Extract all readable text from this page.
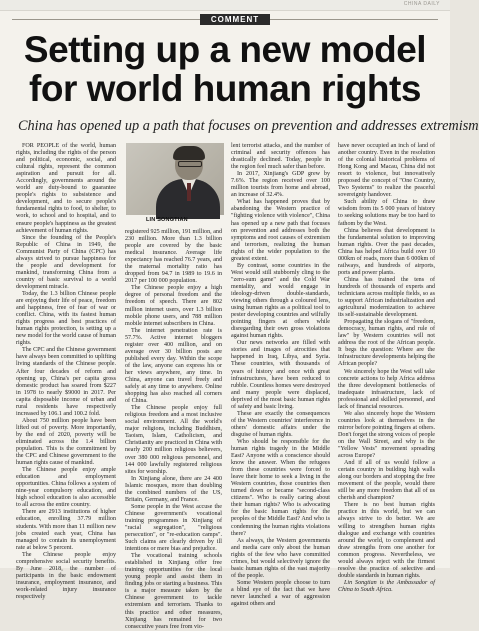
CHINA DAILY
COMMENT
Setting up a new model
for world human rights
China has opened up a path that focuses on prevention and addresses extremism

FOR PEOPLE of the world, human rights, including the rights of the person and political, economic, social, and cultural rights, represent the common aspiration and pursuit for all. Accordingly, governments around the world are duty-bound to guarantee people's rights to subsistence and development, and to secure people's fundamental rights to food, to shelter, to work, to school and to hospital, and to ensure people's happiness as the greatest achievement of human rights.

Since the founding of the People's Republic of China in 1949, the Communist Party of China (CPC) has always strived to pursue happiness for the people and development for mankind, transforming China from a country of basic survival to a world development miracle.

Today, the 1.3 billion Chinese people are enjoying their life of peace, freedom and happiness, free of fear of war or conflict. China, with its fastest human rights progress and best practices of human rights protection, is setting up a new model for the world cause of human rights.

The CPC and the Chinese government have always been committed to uplifting living standards of the Chinese people. After four decades of reform and opening up, China's per capita gross domestic product has soared from $227 in 1978 to nearly $9000 in 2017. Per capita disposable income of urban and rural residents have respectively increased by 106.1 and 100.2 fold.

About 750 million people have been lifted out of poverty. More importantly, by the end of 2020, poverty will be eliminated across the 1.4 billion population. This is the commitment by the CPC and Chinese government to the human rights cause of mankind.

The Chinese people enjoy ample education and employment opportunities. China follows a system of nine-year compulsory education, and high school education is also accessible to all across the entire country.

There are 2913 institutions of higher education, enrolling 37.79 million students. With more than 11 million new jobs created each year, China has managed to contain its unemployment rate at below 5 percent.

The Chinese people enjoy comprehensive social security benefits. By June 2018, the number of participants in the basic endowment insurance, employment insurance, and work-related injury insurance respectively

LIN SONGTIAN

registered 925 million, 191 million, and 230 million. More than 1.3 billion people are covered by the basic medical insurance. Average life expectancy has reached 76.7 years, and the maternal mortality ratio has dropped from 94.7 in 1989 to 19.6 in 2017 per 100 000 population.

The Chinese people enjoy a high degree of personal freedom and the freedom of speech. There are 802 million internet users, over 1.3 billion mobile phone users, and 788 million mobile internet subscribers in China.

The internet penetration rate is 57.7%. Active internet bloggers register over 400 million, and on average over 30 billion posts are published every day. Within the scope of the law, anyone can express his or her views anywhere, any time. In China, anyone can travel freely and safely at any time to anywhere. Online shopping has also reached all corners of China.

The Chinese people enjoy full religious freedom and a most inclusive social environment. All the world's major religions, including Buddhism, Taoism, Islam, Catholicism, and Christianity are practiced in China with nearly 200 million religious believers, over 380 000 religious personnel, and 144 000 lawfully registered religious sites for worship.

In Xinjiang alone, there are 24 400 Islamic mosques, more than doubling the combined numbers of the US, Britain, Germany, and France.

Some people in the West accuse the Chinese government's vocational training programmes in Xinjiang of "racial segregation", "religious persecution", or "re-education camps". Such claims are clearly driven by ill intentions or mere bias and prejudice.

The vocational training schools established in Xinjiang offer free training opportunities for the local young people and assist them in finding jobs or starting a business. This is a major measure taken by the Chinese government to tackle extremism and terrorism. Thanks to this practice and other measures, Xinjiang has remained for two consecutive years free from vio-

lent terrorist attacks, and the number of criminal and security offences has drastically declined. Today, people in the region feel much safer than before.

In 2017, Xinjiang's GDP grew by 7.6%. The region received over 100 million tourists from home and abroad, an increase of 32.4%.

What has happened proves that by abandoning the Western practice of "fighting violence with violence", China has opened up a new path that focuses on prevention and addresses both the symptoms and root causes of extremism and terrorism, realizing the human rights of the wider population to the greatest extent.

By contrast, some countries in the West would still stubbornly cling to the "zero-sum game" and the Cold War mentality, and would engage in ideology-driven double-standards, viewing others through a coloured lens, using human rights as a political tool to pester developing countries and wilfully pointing fingers at others while disregarding their own gross violations against human rights.

Our news networks are filled with stories and images of atrocities that happened in Iraq, Libya, and Syria. These countries, with thousands of years of history and once with great infrastructures, have been reduced to rubble. Countless homes were destroyed and many people were displaced, deprived of the most basic human rights of safety and basic living.

These are exactly the consequences of the Western countries' interference in others' domestic affairs under the disguise of human rights.

Who should be responsible for the human rights tragedy in the Middle East? Anyone with a conscience should know the answer. When the refugees from these countries were forced to leave their home to seek a living in the Western countries, those countries then turned down or became "second-class citizens". Who is really caring about their human rights? Who is advocating for the basic human rights for the peoples of the Middle East? And who is condemning the human rights violations there?

As always, the Western governments and media care only about the human rights of the few who have committed crimes, but would selectively ignore the basic human rights of the vast majority of the people.

Some Western people choose to turn a blind eye of the fact that we have never launched a war of aggression against others and

have never occupied an inch of land of another country. Even in the resolution of the colonial historical problems of Hong Kong and Macau, China did not resort to violence, but innovatively proposed the concept of "One Country, Two Systems" to realize the peaceful sovereignty handover.

Such ability of China to draw wisdom from its 5 000 years of history to seeking solutions may be too hard to fathom by the West.

China believes that development is the fundamental solution to improving human rights. Over the past decades, China has helped Africa build over 10 000km of roads, more than 6 000km of railways, and hundreds of airports, ports and power plants.

China has trained the tens of hundreds of thousands of experts and technicians across multiple fields, so as to support African industrialization and agricultural modernization to achieve its self-sustainable development.

Propagating the slogans of "freedom, democracy, human rights, and rule of law" by Western countries will not address the root of the African people. It begs the question: Where are the infrastructure developments helping the African people?

We sincerely hope the West will take concrete actions to help Africa address the three development bottlenecks of inadequate infrastructure, lack of professional and skilled personnel, and lack of financial resources.

We also sincerely hope the Western countries look at themselves in the mirror before pointing fingers at others. Don't forget the strong voices of people on the Wall Street, and why is the "Yellow Vests" movement spreading across Europe?

And if all of us would follow a certain country in building high walls along our borders and stopping the free movement of the people, would there still be any more freedom that all of us cherish and champion?

There is no best human rights practice in this world, but we can always strive to do better. We are willing to strengthen human rights dialogue and exchange with countries around the world, to complement and draw strengths from one another for common progress. Nevertheless, we would always reject with the firmest resolve the practice of selective and double standards in human rights.

Lin Songtian is the Ambassador of China to South Africa.
